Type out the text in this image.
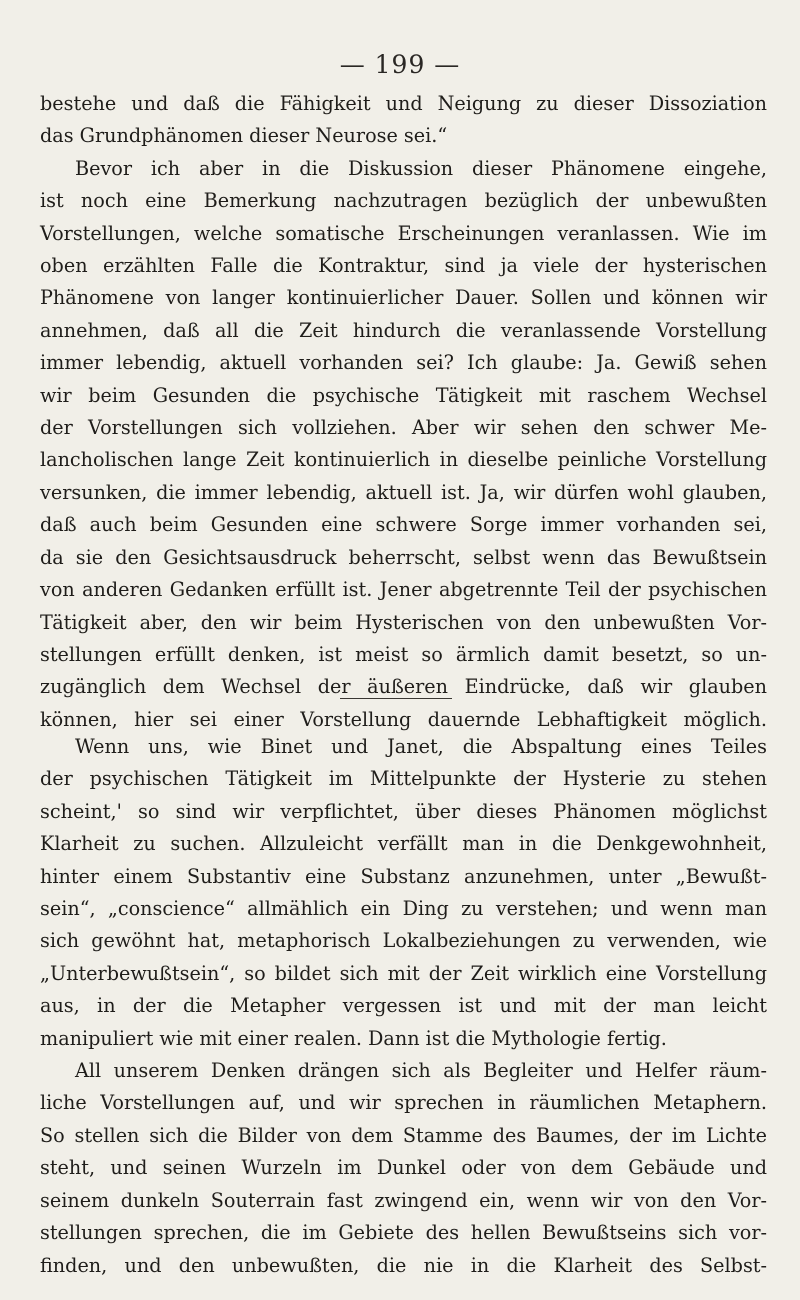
— 199 —
bestehe und daß die Fähigkeit und Neigung zu dieser Dissoziation
das Grundphänomen dieser Neurose sei.“
Bevor ich aber in die Diskussion dieser Phänomene eingehe,
ist noch eine Bemerkung nachzutragen bezüglich der unbewußten
Vorstellungen, welche somatische Erscheinungen veranlassen. Wie im
oben erzählten Falle die Kontraktur, sind ja viele der hysterischen
Phänomene von langer kontinuierlicher Dauer. Sollen und können wir
annehmen, daß all die Zeit hindurch die veranlassende Vorstellung
immer lebendig, aktuell vorhanden sei? Ich glaube: Ja. Gewiß sehen
wir beim Gesunden die psychische Tätigkeit mit raschem Wechsel
der Vorstellungen sich vollziehen. Aber wir sehen den schwer Me-
lancholischen lange Zeit kontinuierlich in dieselbe peinliche Vorstellung
versunken, die immer lebendig, aktuell ist. Ja, wir dürfen wohl glauben,
daß auch beim Gesunden eine schwere Sorge immer vorhanden sei,
da sie den Gesichtsausdruck beherrscht, selbst wenn das Bewußtsein
von anderen Gedanken erfüllt ist. Jener abgetrennte Teil der psychischen
Tätigkeit aber, den wir beim Hysterischen von den unbewußten Vor-
stellungen erfüllt denken, ist meist so ärmlich damit besetzt, so un-
zugänglich dem Wechsel der äußeren Eindrücke, daß wir glauben
können, hier sei einer Vorstellung dauernde Lebhaftigkeit möglich.
Wenn uns, wie Binet und Janet, die Abspaltung eines Teiles
der psychischen Tätigkeit im Mittelpunkte der Hysterie zu stehen
scheint,' so sind wir verpflichtet, über dieses Phänomen möglichst
Klarheit zu suchen. Allzuleicht verfällt man in die Denkgewohnheit,
hinter einem Substantiv eine Substanz anzunehmen, unter „Bewußt-
sein“, „conscience“ allmählich ein Ding zu verstehen; und wenn man
sich gewöhnt hat, metaphorisch Lokalbeziehungen zu verwenden, wie
„Unterbewußtsein“, so bildet sich mit der Zeit wirklich eine Vorstellung
aus, in der die Metapher vergessen ist und mit der man leicht
manipuliert wie mit einer realen. Dann ist die Mythologie fertig.
All unserem Denken drängen sich als Begleiter und Helfer räum-
liche Vorstellungen auf, und wir sprechen in räumlichen Metaphern.
So stellen sich die Bilder von dem Stamme des Baumes, der im Lichte
steht, und seinen Wurzeln im Dunkel oder von dem Gebäude und
seinem dunkeln Souterrain fast zwingend ein, wenn wir von den Vor-
stellungen sprechen, die im Gebiete des hellen Bewußtseins sich vor-
finden, und den unbewußten, die nie in die Klarheit des Selbst-
